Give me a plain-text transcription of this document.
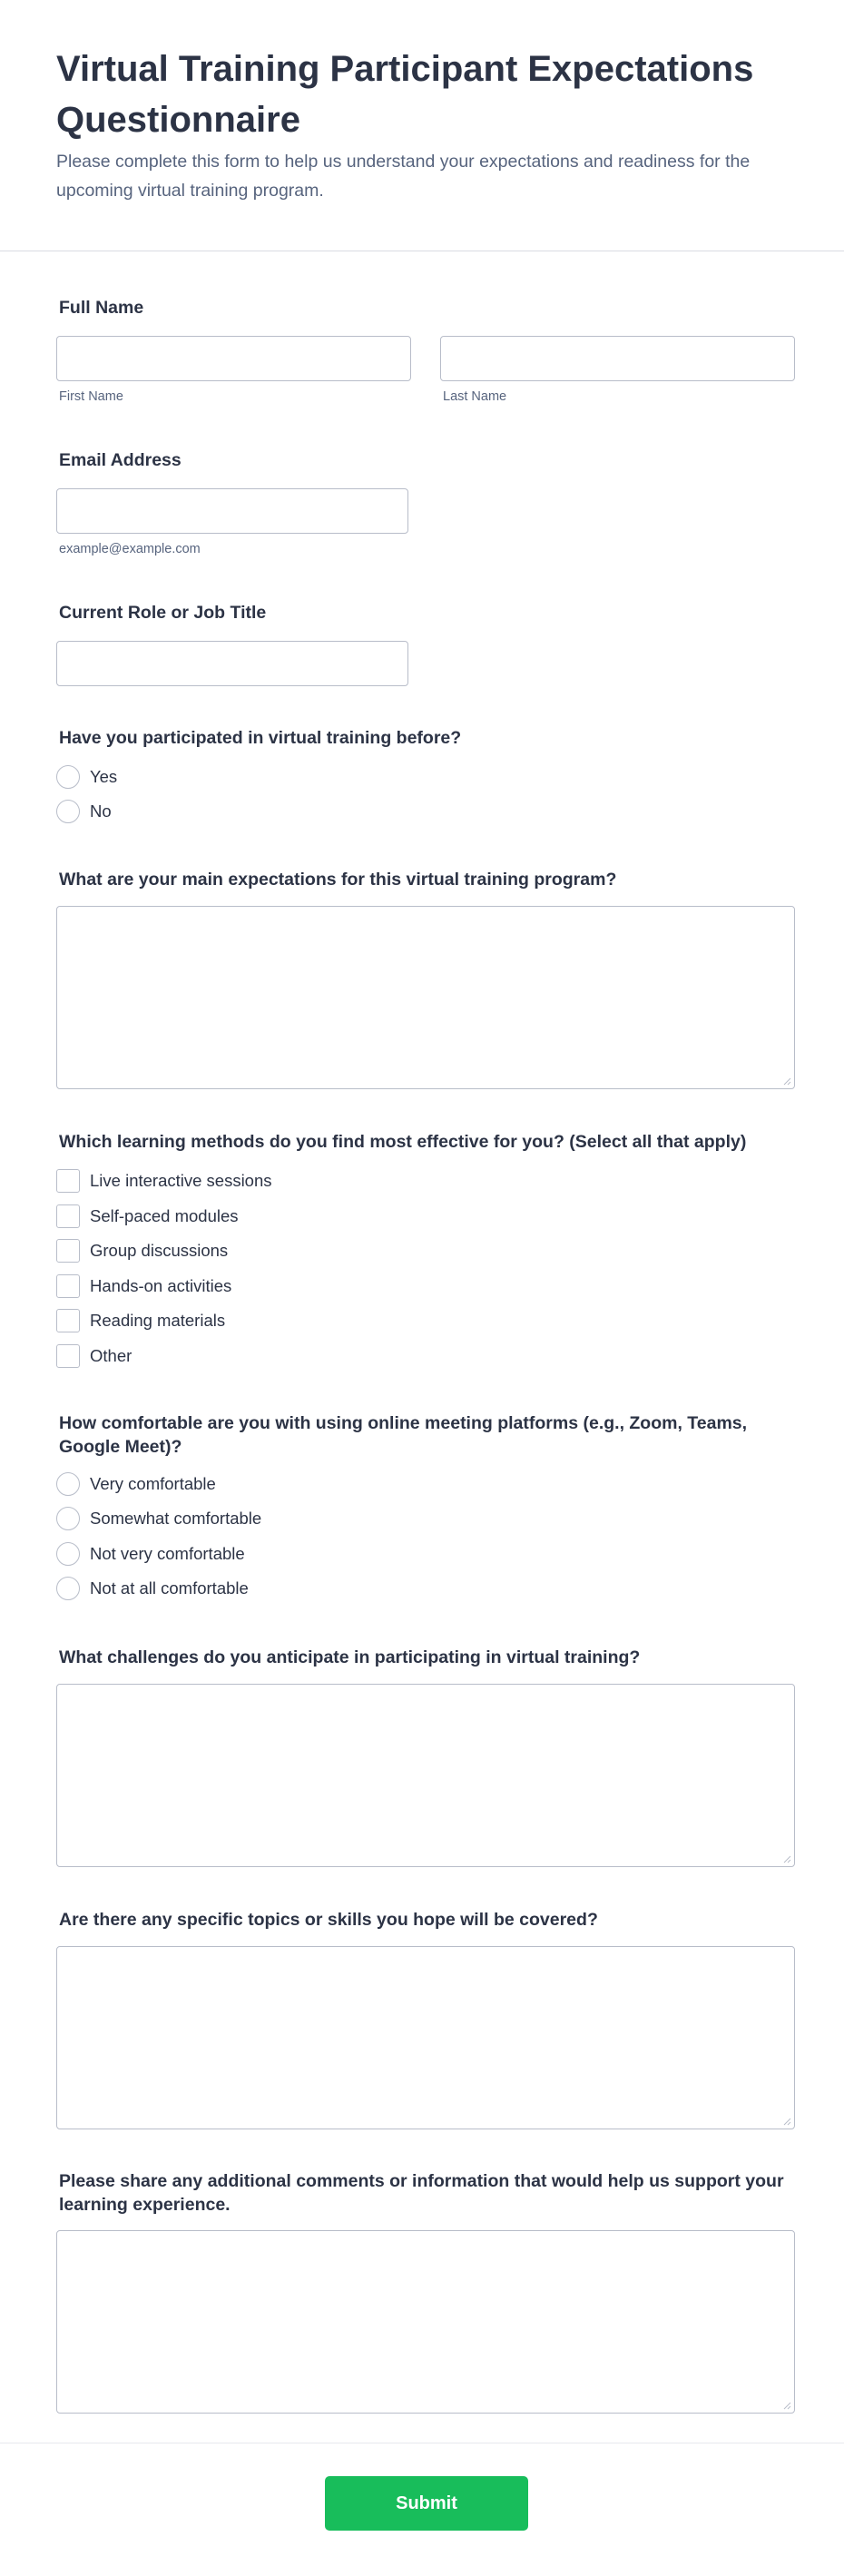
Virtual Training Participant Expectations Questionnaire

Please complete this form to help us understand your expectations and readiness for the upcoming virtual training program.

Full Name
First Name	Last Name
Email Address
example@example.com
Current Role or Job Title
Have you participated in virtual training before?
Yes
No
What are your main expectations for this virtual training program?
Which learning methods do you find most effective for you? (Select all that apply)
Live interactive sessions
Self-paced modules
Group discussions
Hands-on activities
Reading materials
Other
How comfortable are you with using online meeting platforms (e.g., Zoom, Teams, Google Meet)?
Very comfortable
Somewhat comfortable
Not very comfortable
Not at all comfortable
What challenges do you anticipate in participating in virtual training?
Are there any specific topics or skills you hope will be covered?
Please share any additional comments or information that would help us support your learning experience.
Submit
